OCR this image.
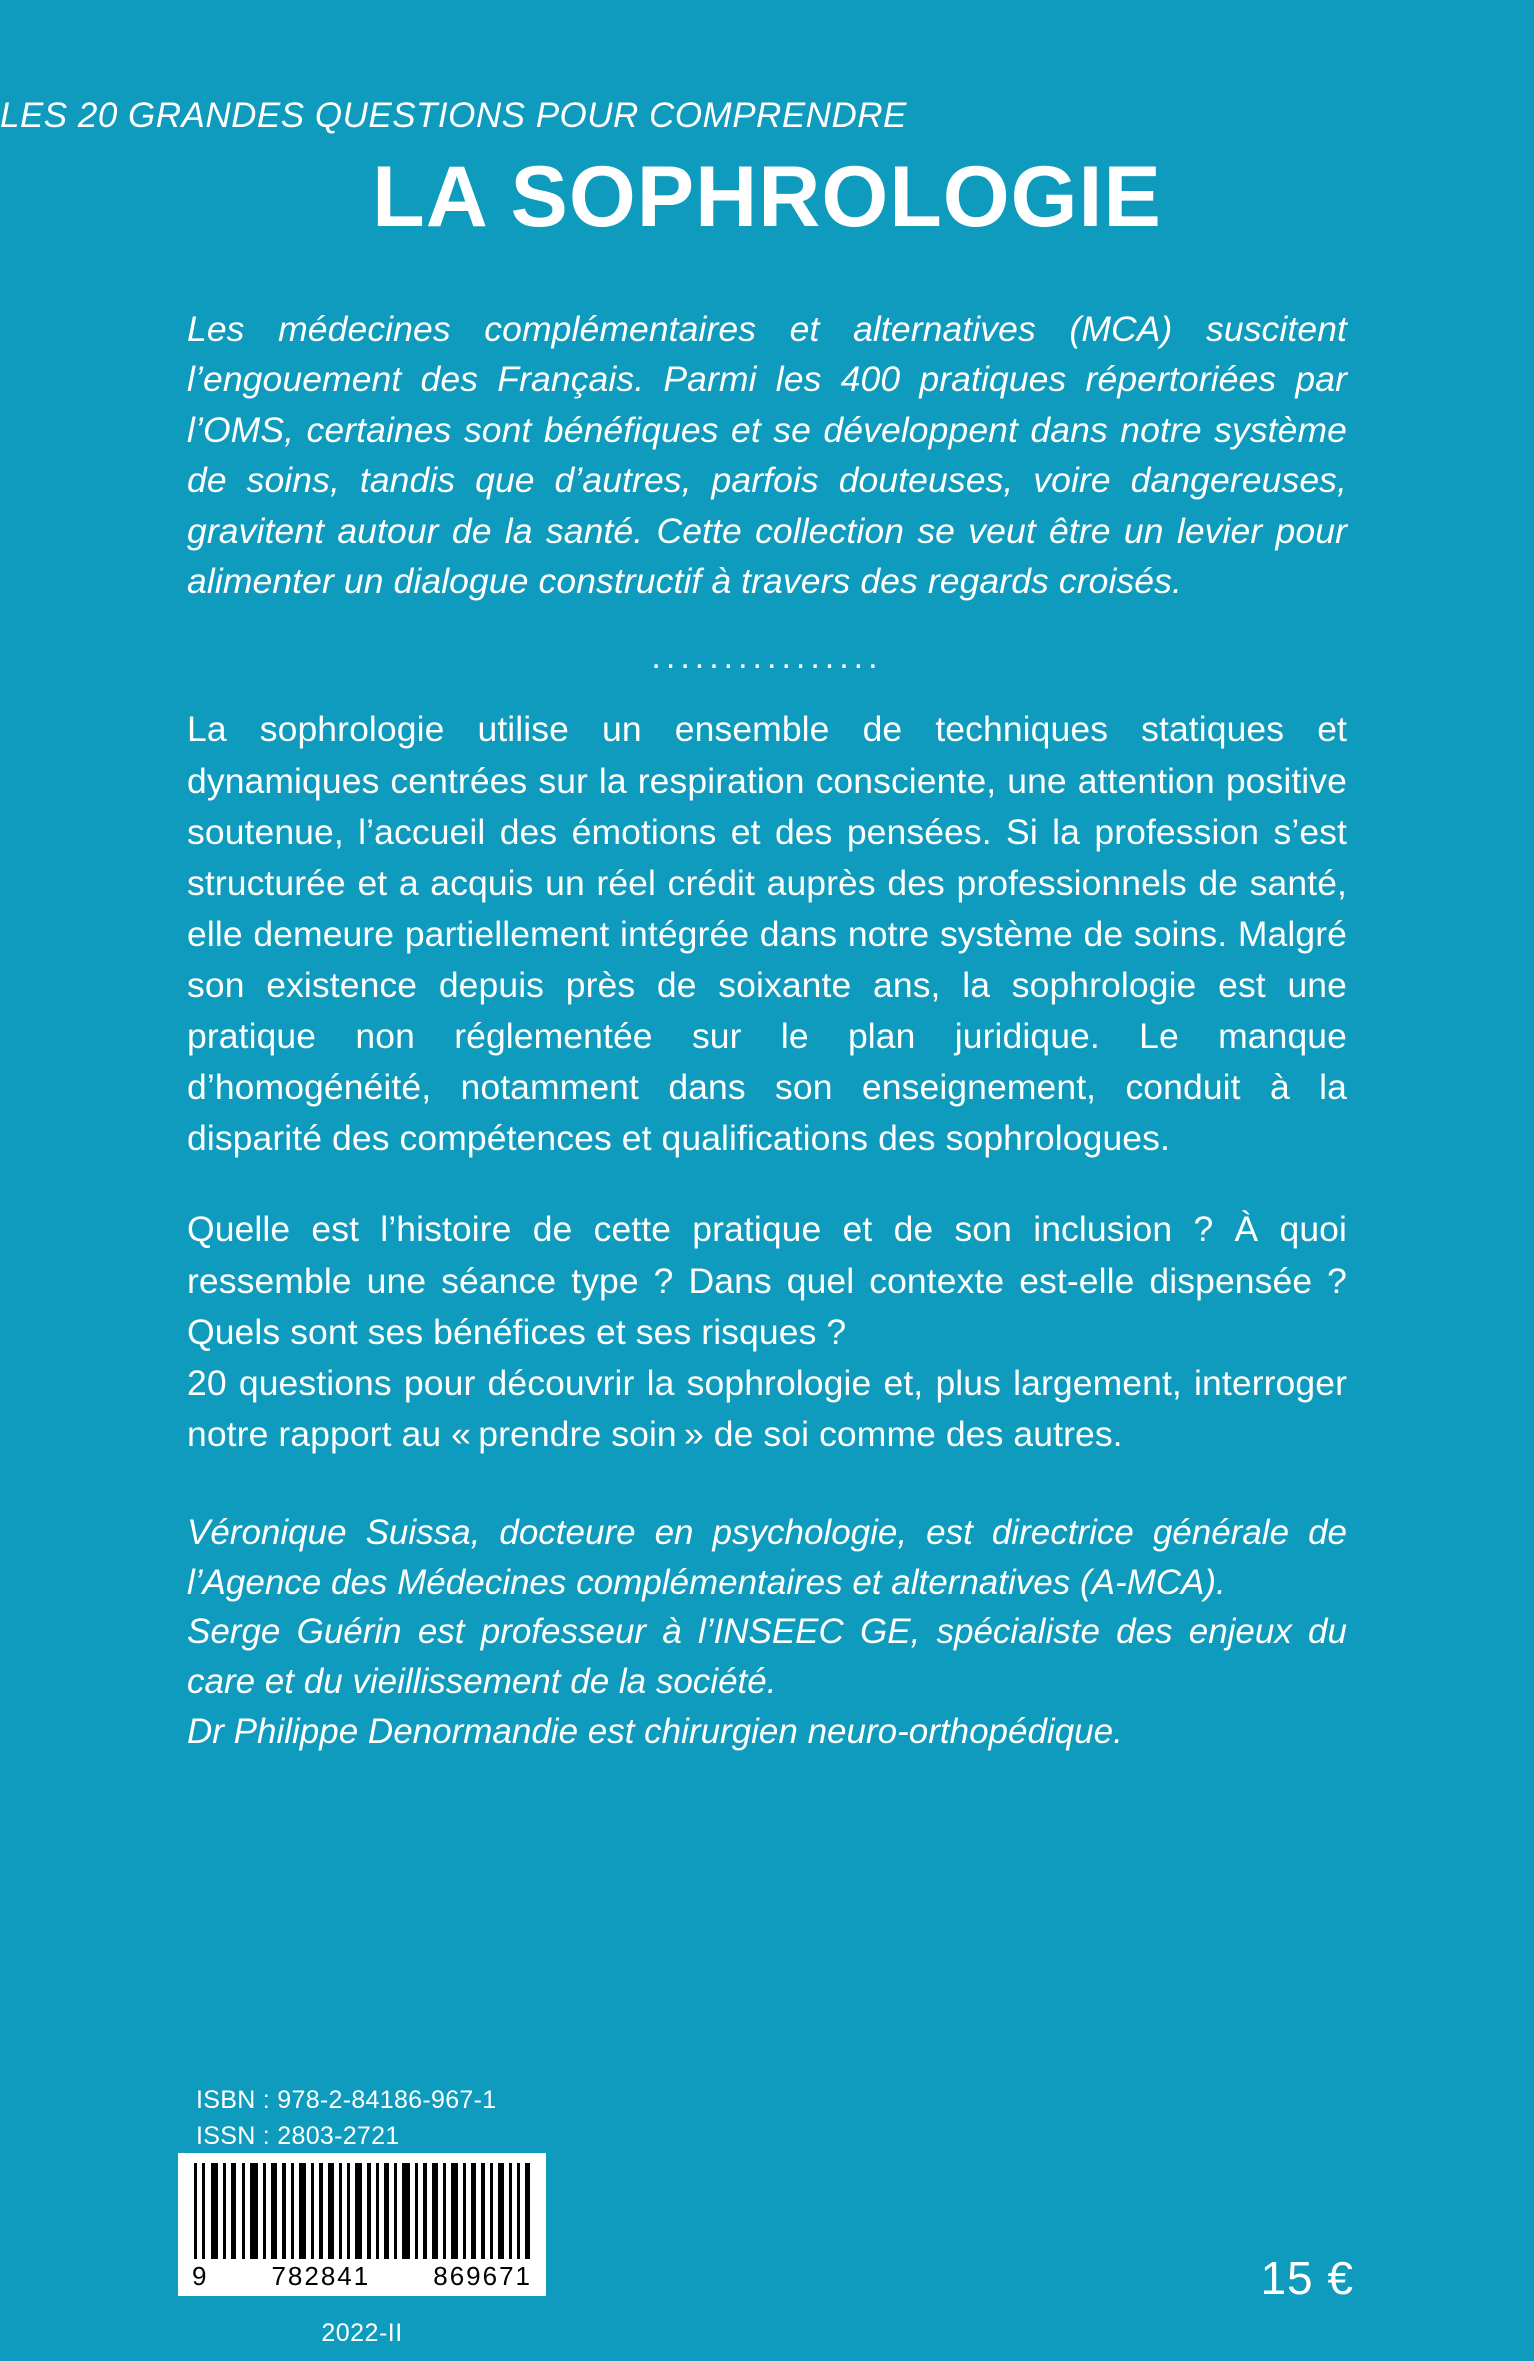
LES 20 GRANDES QUESTIONS POUR COMPRENDRE

LA SOPHROLOGIE

Les médecines complémentaires et alternatives (MCA) suscitent l’engouement des Français. Parmi les 400 pratiques répertoriées par l’OMS, certaines sont bénéfiques et se développent dans notre système de soins, tandis que d’autres, parfois douteuses, voire dangereuses, gravitent autour de la santé. Cette collection se veut être un levier pour alimenter un dialogue constructif à travers des regards croisés.

................

La sophrologie utilise un ensemble de techniques statiques et dynamiques centrées sur la respiration consciente, une attention positive soutenue, l’accueil des émotions et des pensées. Si la profession s’est structurée et a acquis un réel crédit auprès des professionnels de santé, elle demeure partiellement intégrée dans notre système de soins. Malgré son existence depuis près de soixante ans, la sophrologie est une pratique non réglementée sur le plan juridique. Le manque d’homogénéité, notamment dans son enseignement, conduit à la disparité des compétences et qualifications des sophrologues.

Quelle est l’histoire de cette pratique et de son inclusion ? À quoi ressemble une séance type ? Dans quel contexte est-elle dispensée ? Quels sont ses bénéfices et ses risques ?

20 questions pour découvrir la sophrologie et, plus largement, interroger notre rapport au « prendre soin » de soi comme des autres.

Véronique Suissa, docteure en psychologie, est directrice générale de l’Agence des Médecines complémentaires et alternatives (A-MCA).

Serge Guérin est professeur à l’INSEEC GE, spécialiste des enjeux du care et du vieillissement de la société.

Dr Philippe Denormandie est chirurgien neuro-orthopédique.

ISBN : 978-2-84186-967-1
ISSN : 2803-2721
9 782841 869671
2022-II
15 €
